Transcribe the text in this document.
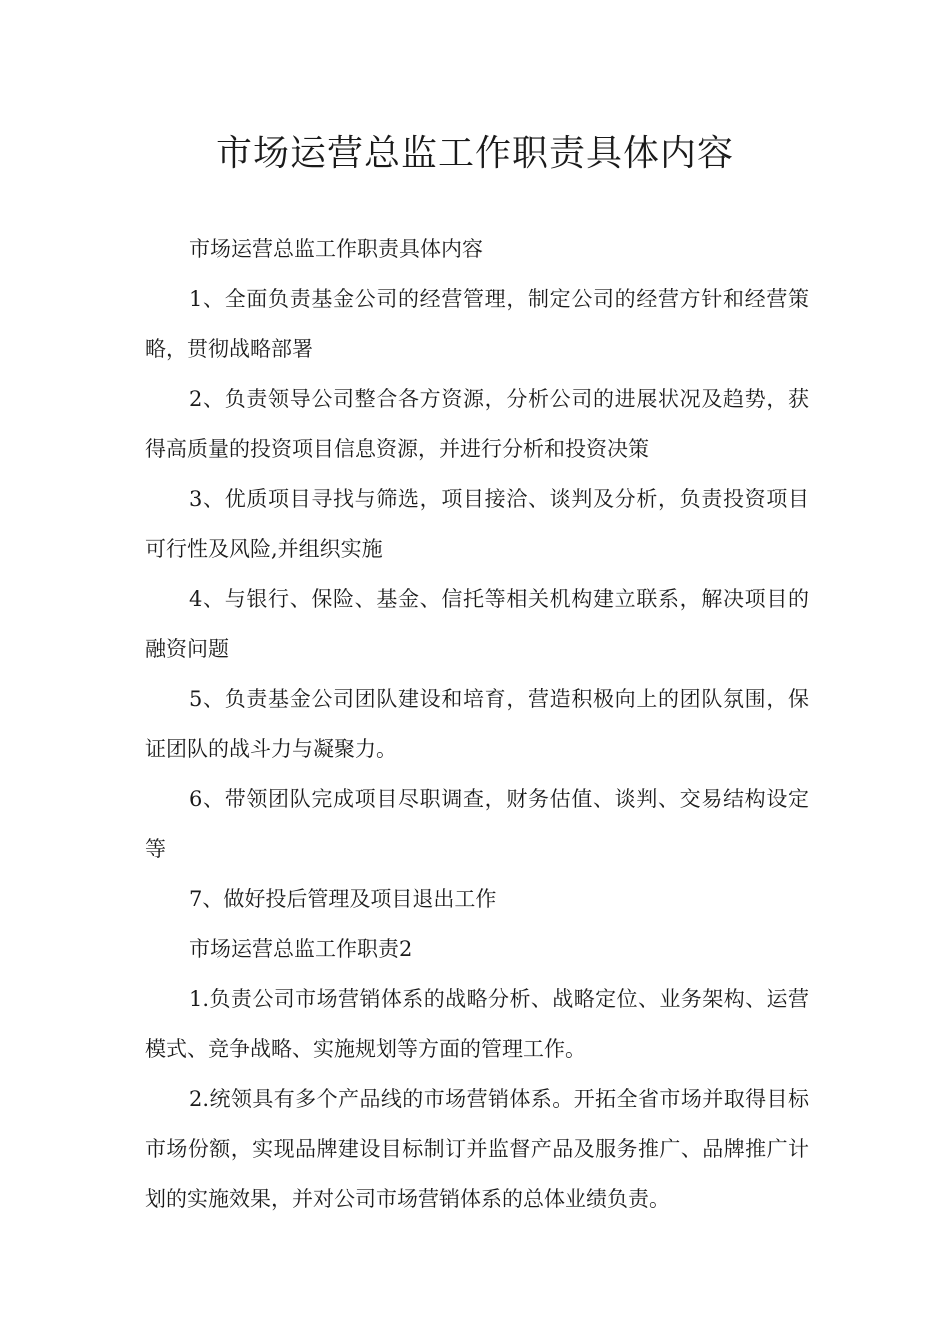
市场运营总监工作职责具体内容

市场运营总监工作职责具体内容

1、全面负责基金公司的经营管理，制定公司的经营方针和经营策略，贯彻战略部署

2、负责领导公司整合各方资源，分析公司的进展状况及趋势，获得高质量的投资项目信息资源，并进行分析和投资决策

3、优质项目寻找与筛选，项目接洽、谈判及分析，负责投资项目可行性及风险,并组织实施

4、与银行、保险、基金、信托等相关机构建立联系，解决项目的融资问题

5、负责基金公司团队建设和培育，营造积极向上的团队氛围，保证团队的战斗力与凝聚力。

6、带领团队完成项目尽职调查，财务估值、谈判、交易结构设定等

7、做好投后管理及项目退出工作

市场运营总监工作职责2

1.负责公司市场营销体系的战略分析、战略定位、业务架构、运营模式、竞争战略、实施规划等方面的管理工作。

2.统领具有多个产品线的市场营销体系。开拓全省市场并取得目标市场份额，实现品牌建设目标制订并监督产品及服务推广、品牌推广计划的实施效果，并对公司市场营销体系的总体业绩负责。
